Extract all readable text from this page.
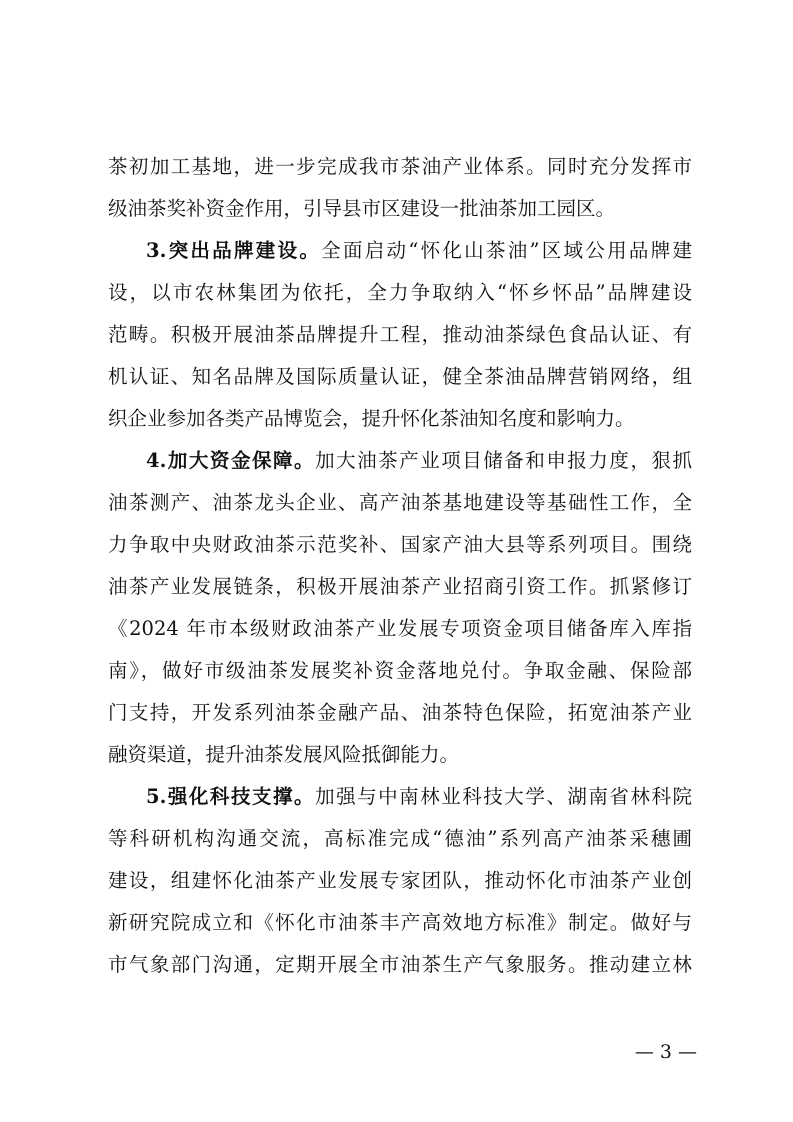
茶初加工基地，进一步完成我市茶油产业体系。同时充分发挥市
级油茶奖补资金作用，引导县市区建设一批油茶加工园区。
3.突出品牌建设。全面启动“怀化山茶油”区域公用品牌建
设，以市农林集团为依托，全力争取纳入“怀乡怀品”品牌建设
范畴。积极开展油茶品牌提升工程，推动油茶绿色食品认证、有
机认证、知名品牌及国际质量认证，健全茶油品牌营销网络，组
织企业参加各类产品博览会，提升怀化茶油知名度和影响力。
4.加大资金保障。加大油茶产业项目储备和申报力度，狠抓
油茶测产、油茶龙头企业、高产油茶基地建设等基础性工作，全
力争取中央财政油茶示范奖补、国家产油大县等系列项目。围绕
油茶产业发展链条，积极开展油茶产业招商引资工作。抓紧修订
《2024 年市本级财政油茶产业发展专项资金项目储备库入库指
南》，做好市级油茶发展奖补资金落地兑付。争取金融、保险部
门支持，开发系列油茶金融产品、油茶特色保险，拓宽油茶产业
融资渠道，提升油茶发展风险抵御能力。
5.强化科技支撑。加强与中南林业科技大学、湖南省林科院
等科研机构沟通交流，高标准完成“德油”系列高产油茶采穗圃
建设，组建怀化油茶产业发展专家团队，推动怀化市油茶产业创
新研究院成立和《怀化市油茶丰产高效地方标准》制定。做好与
市气象部门沟通，定期开展全市油茶生产气象服务。推动建立林
— 3 —
